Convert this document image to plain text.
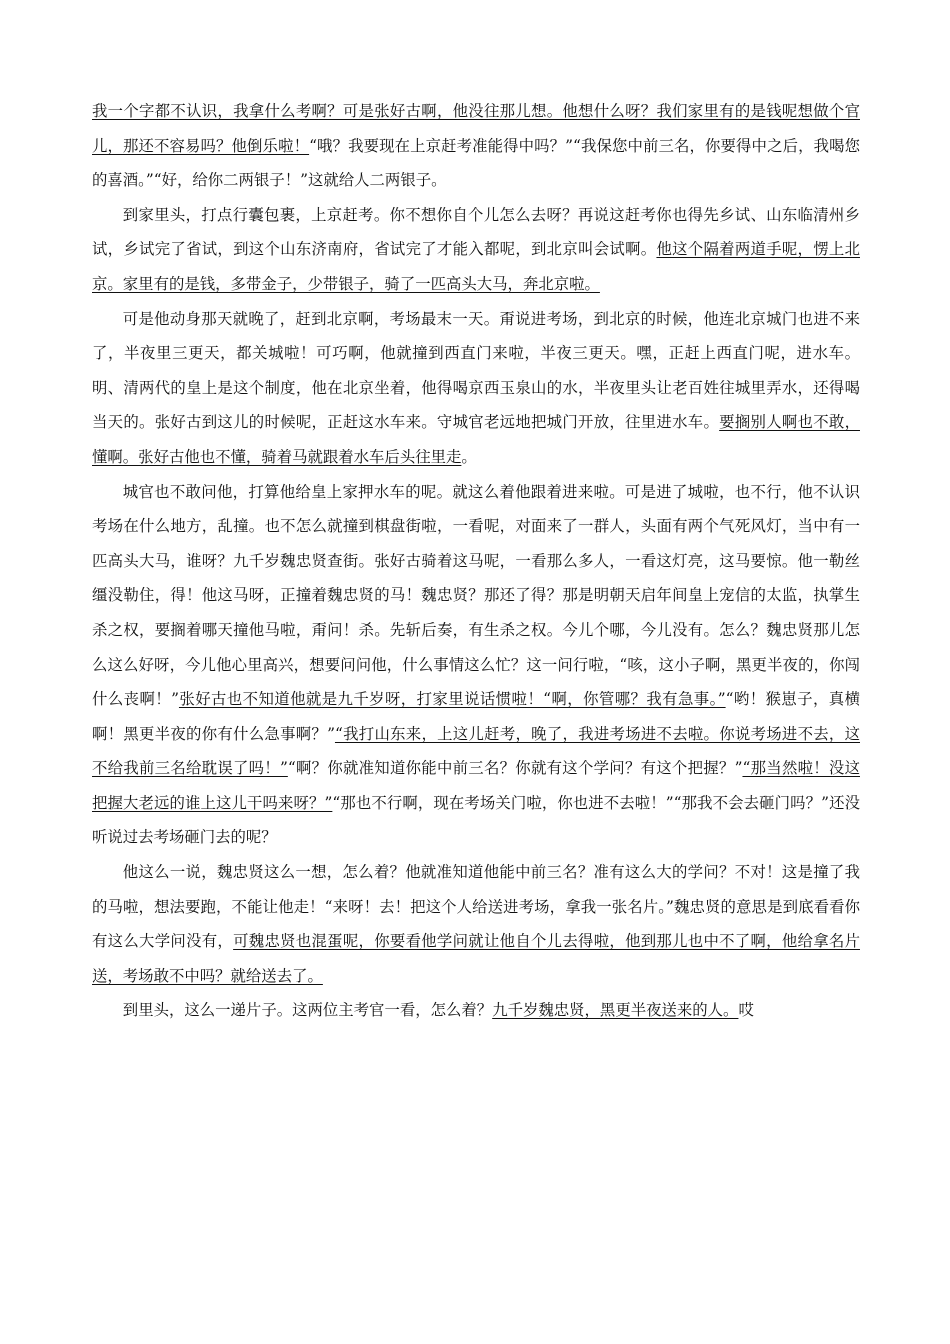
我一个字都不认识，我拿什么考啊？可是张好古啊，他没往那儿想。他想什么呀？我们家里有的是钱呢想做个官儿，那还不容易吗？他倒乐啦！“哦？我要现在上京赶考准能得中吗？”“我保您中前三名，你要得中之后，我喝您的喜酒。”“好，给你二两银子！”这就给人二两银子。

到家里头，打点行囊包裹，上京赶考。你不想你自个儿怎么去呀？再说这赶考你也得先乡试、山东临清州乡试，乡试完了省试，到这个山东济南府，省试完了才能入都呢，到北京叫会试啊。他这个隔着两道手呢，愣上北京。家里有的是钱，多带金子，少带银子，骑了一匹高头大马，奔北京啦。

可是他动身那天就晚了，赶到北京啊，考场最末一天。甭说进考场，到北京的时候，他连北京城门也进不来了，半夜里三更天，都关城啦！可巧啊，他就撞到西直门来啦，半夜三更天。嘿，正赶上西直门呢，进水车。明、清两代的皇上是这个制度，他在北京坐着，他得喝京西玉泉山的水，半夜里头让老百姓往城里弄水，还得喝当天的。张好古到这儿的时候呢，正赶这水车来。守城官老远地把城门开放，往里进水车。要搁别人啊也不敢，懂啊。张好古他也不懂，骑着马就跟着水车后头往里走。

城官也不敢问他，打算他给皇上家押水车的呢。就这么着他跟着进来啦。可是进了城啦，也不行，他不认识考场在什么地方，乱撞。也不怎么就撞到棋盘街啦，一看呢，对面来了一群人，头面有两个气死风灯，当中有一匹高头大马，谁呀？九千岁魏忠贤查街。张好古骑着这马呢，一看那么多人，一看这灯亮，这马要惊。他一勒丝缰没勒住，得！他这马呀，正撞着魏忠贤的马！魏忠贤？那还了得？那是明朝天启年间皇上宠信的太监，执掌生杀之权，要搁着哪天撞他马啦，甭问！杀。先斩后奏，有生杀之权。今儿个哪，今儿没有。怎么？魏忠贤那儿怎么这么好呀，今儿他心里高兴，想要问问他，什么事情这么忙？这一问行啦，“咳，这小子啊，黑更半夜的，你闯什么丧啊！”张好古也不知道他就是九千岁呀，打家里说话惯啦！“啊，你管哪？我有急事。”“哟！猴崽子，真横啊！黑更半夜的你有什么急事啊？”“我打山东来，上这儿赶考，晚了，我进考场进不去啦。你说考场进不去，这不给我前三名给耽误了吗！”“啊？你就准知道你能中前三名？你就有这个学问？有这个把握？”“那当然啦！没这把握大老远的谁上这儿干吗来呀？”“那也不行啊，现在考场关门啦，你也进不去啦！”“那我不会去砸门吗？”还没听说过去考场砸门去的呢？

他这么一说，魏忠贤这么一想，怎么着？他就准知道他能中前三名？准有这么大的学问？不对！这是撞了我的马啦，想法要跑，不能让他走！“来呀！去！把这个人给送进考场，拿我一张名片。”魏忠贤的意思是到底看看你有这么大学问没有，可魏忠贤也混蛋呢，你要看他学问就让他自个儿去得啦，他到那儿也中不了啊，他给拿名片送，考场敢不中吗？就给送去了。

到里头，这么一递片子。这两位主考官一看，怎么着？九千岁魏忠贤，黑更半夜送来的人。哎
